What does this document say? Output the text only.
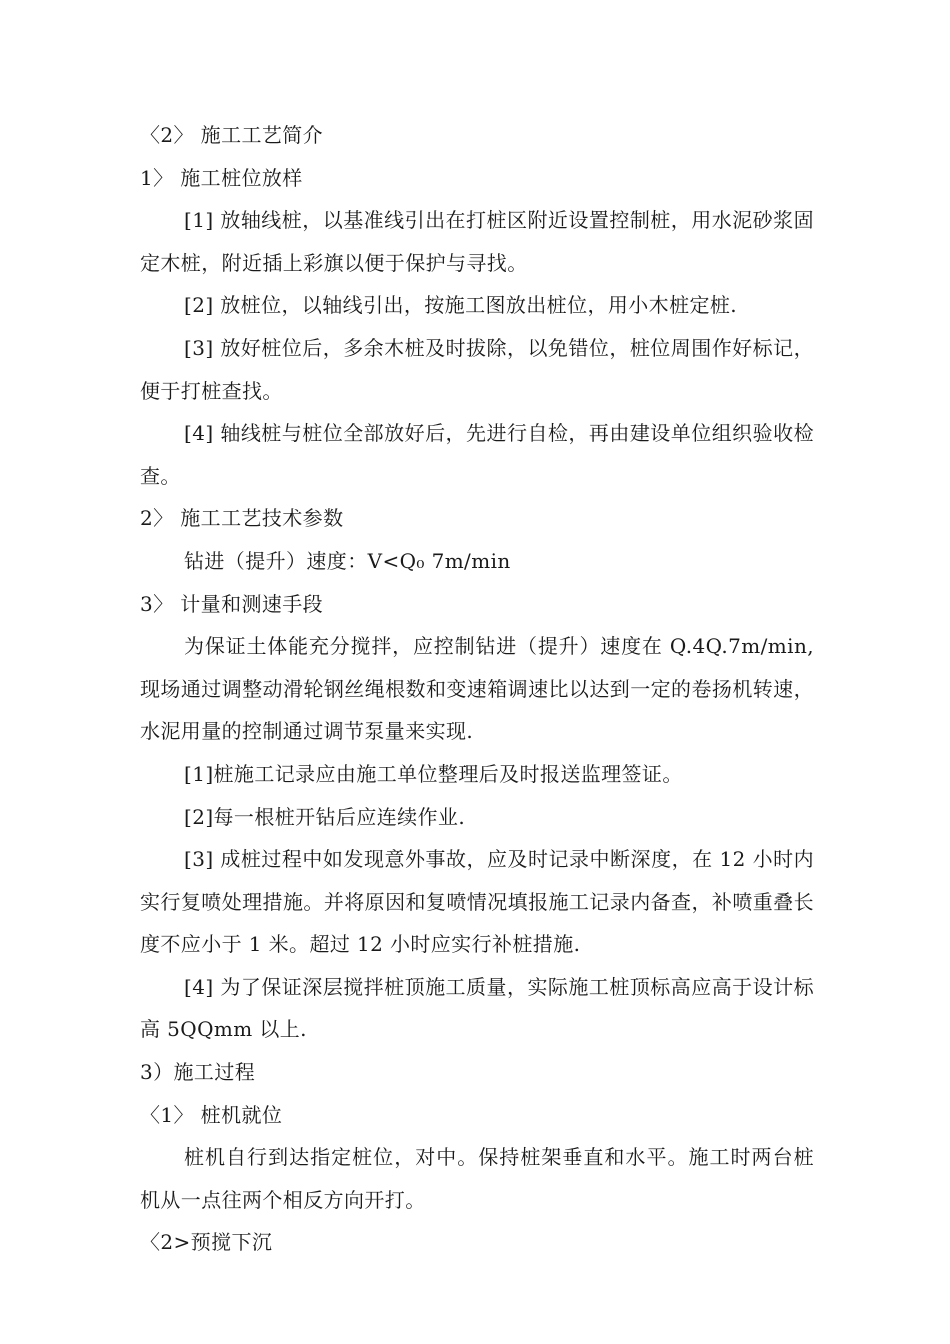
〈2〉 施工工艺简介

1〉 施工桩位放样

[1] 放轴线桩，以基准线引出在打桩区附近设置控制桩，用水泥砂浆固定木桩，附近插上彩旗以便于保护与寻找。

[2] 放桩位，以轴线引出，按施工图放出桩位，用小木桩定桩.

[3] 放好桩位后，多余木桩及时拔除，以免错位，桩位周围作好标记，便于打桩查找。

[4] 轴线桩与桩位全部放好后，先进行自检，再由建设单位组织验收检查。

2〉 施工工艺技术参数

钻进（提升）速度：V<Q₀ 7m/min

3〉 计量和测速手段

为保证土体能充分搅拌，应控制钻进（提升）速度在 Q.4Q.7m/min,现场通过调整动滑轮钢丝绳根数和变速箱调速比以达到一定的卷扬机转速，水泥用量的控制通过调节泵量来实现.

[1]桩施工记录应由施工单位整理后及时报送监理签证。

[2]每一根桩开钻后应连续作业.

[3] 成桩过程中如发现意外事故，应及时记录中断深度，在 12 小时内实行复喷处理措施。并将原因和复喷情况填报施工记录内备查，补喷重叠长度不应小于 1 米。超过 12 小时应实行补桩措施.

[4] 为了保证深层搅拌桩顶施工质量，实际施工桩顶标高应高于设计标高 5QQmm 以上.

3）施工过程

〈1〉 桩机就位

桩机自行到达指定桩位，对中。保持桩架垂直和水平。施工时两台桩机从一点往两个相反方向开打。

〈2>预搅下沉
